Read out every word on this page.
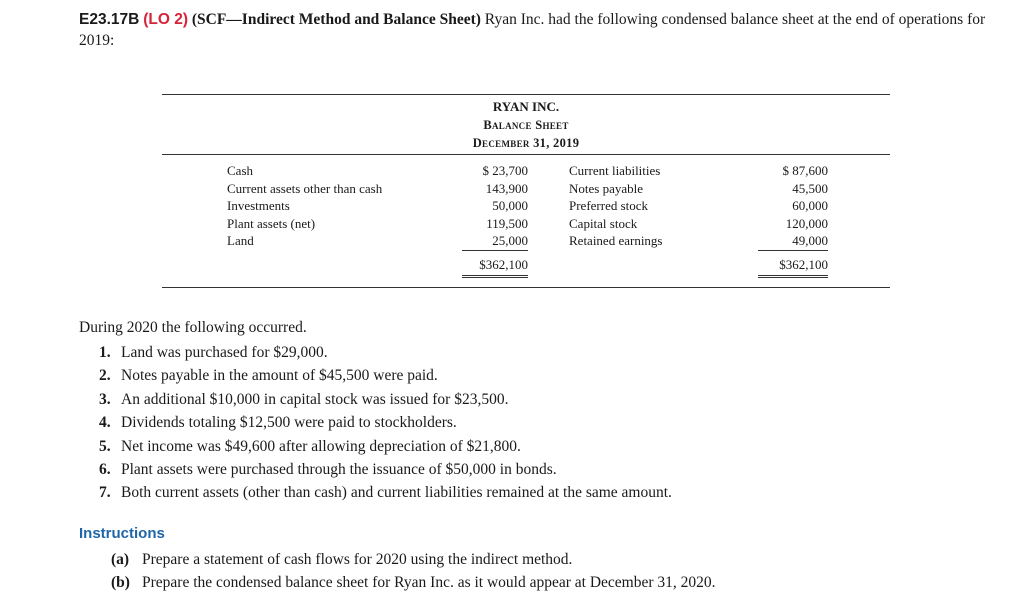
E23.17B (LO 2) (SCF—Indirect Method and Balance Sheet) Ryan Inc. had the following condensed balance sheet at the end of operations for 2019:
RYAN INC.
Balance Sheet
December 31, 2019
Cash
Current assets other than cash
Investments
Plant assets (net)
Land
$ 23,700
143,900
50,000
119,500
25,000
$362,100
Current liabilities
Notes payable
Preferred stock
Capital stock
Retained earnings
$ 87,600
45,500
60,000
120,000
49,000
$362,100
During 2020 the following occurred.
1. Land was purchased for $29,000.
2. Notes payable in the amount of $45,500 were paid.
3. An additional $10,000 in capital stock was issued for $23,500.
4. Dividends totaling $12,500 were paid to stockholders.
5. Net income was $49,600 after allowing depreciation of $21,800.
6. Plant assets were purchased through the issuance of $50,000 in bonds.
7. Both current assets (other than cash) and current liabilities remained at the same amount.
Instructions
(a) Prepare a statement of cash flows for 2020 using the indirect method.
(b) Prepare the condensed balance sheet for Ryan Inc. as it would appear at December 31, 2020.
